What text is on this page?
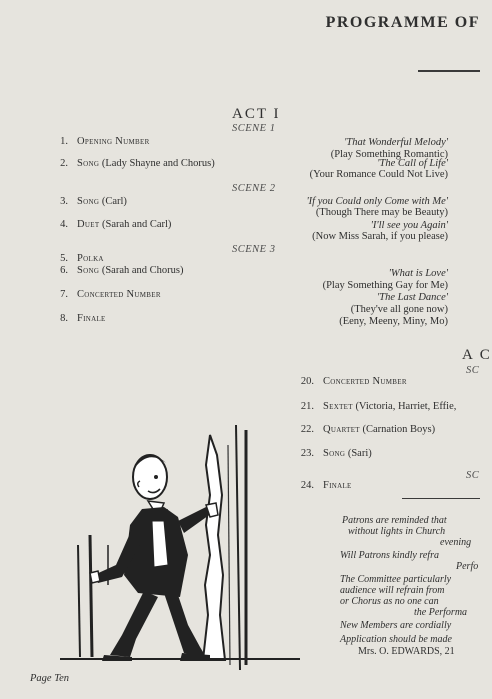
PROGRAMME OF
ACT I
SCENE 1
1. Opening Number	'That Wonderful Melody'
(Play Something Romantic)
2. Song (Lady Shayne and Chorus)	'The Call of Life'
(Your Romance Could Not Live)
SCENE 2
3. Song (Carl)	'If you Could only Come with Me'
(Though There may be Beauty)
4. Duet (Sarah and Carl)	'I'll see you Again'
(Now Miss Sarah, if you please)
SCENE 3
5. Polka
6. Song (Sarah and Chorus)	'What is Love'
(Play Something Gay for Me)
7. Concerted Number	'The Last Dance'
(They've all gone now)
8. Finale	(Eeny, Meeny, Miny, Mo)
A C
SC
20. Concerted Number
21. Sextet (Victoria, Harriet, Effie,
22. Quartet (Carnation Boys)
23. Song (Sari)
SC
24. Finale
Patrons are reminded that
without lights in Church
evening
Will Patrons kindly refra
Perfo
The Committee particularly
audience will refrain from
or Chorus as no one can
the Performa
New Members are cordially
Application should be made
Mrs. O. EDWARDS, 21
Page Ten
